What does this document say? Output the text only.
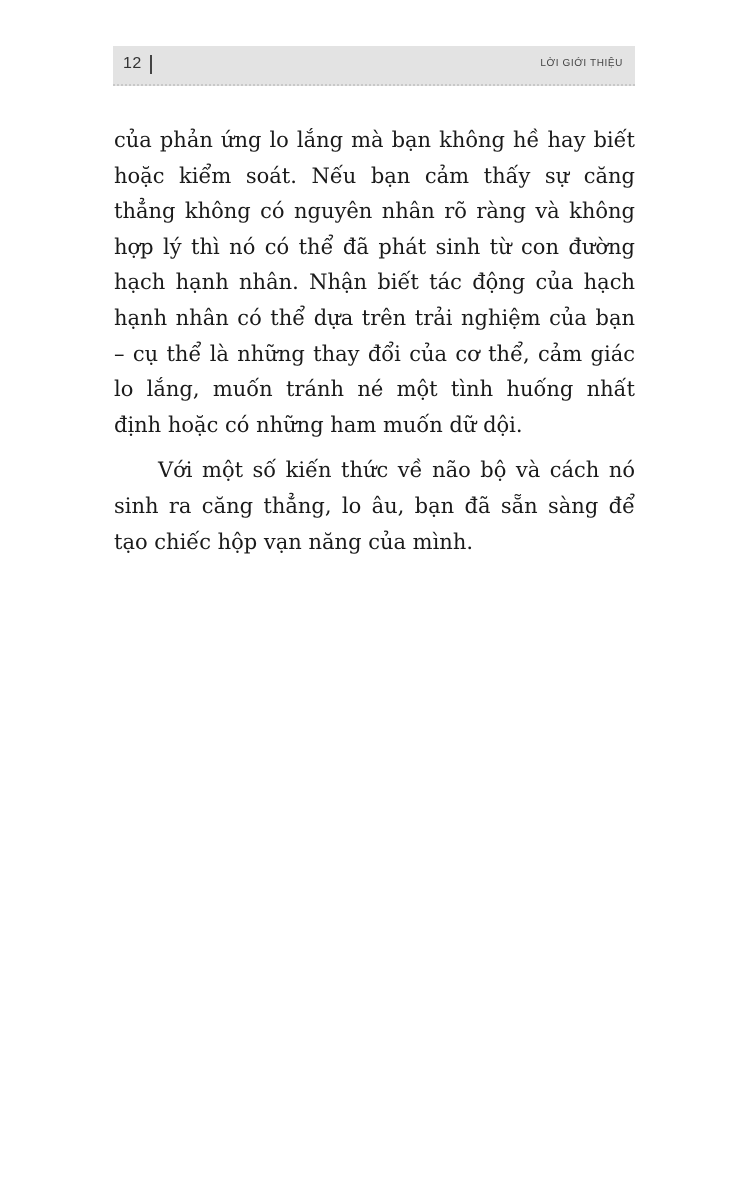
12	LỜI GIỚI THIỆU

của phản ứng lo lắng mà bạn không hề hay biết hoặc kiểm soát. Nếu bạn cảm thấy sự căng thẳng không có nguyên nhân rõ ràng và không hợp lý thì nó có thể đã phát sinh từ con đường hạch hạnh nhân. Nhận biết tác động của hạch hạnh nhân có thể dựa trên trải nghiệm của bạn – cụ thể là những thay đổi của cơ thể, cảm giác lo lắng, muốn tránh né một tình huống nhất định hoặc có những ham muốn dữ dội.

Với một số kiến thức về não bộ và cách nó sinh ra căng thẳng, lo âu, bạn đã sẵn sàng để tạo chiếc hộp vạn năng của mình.
